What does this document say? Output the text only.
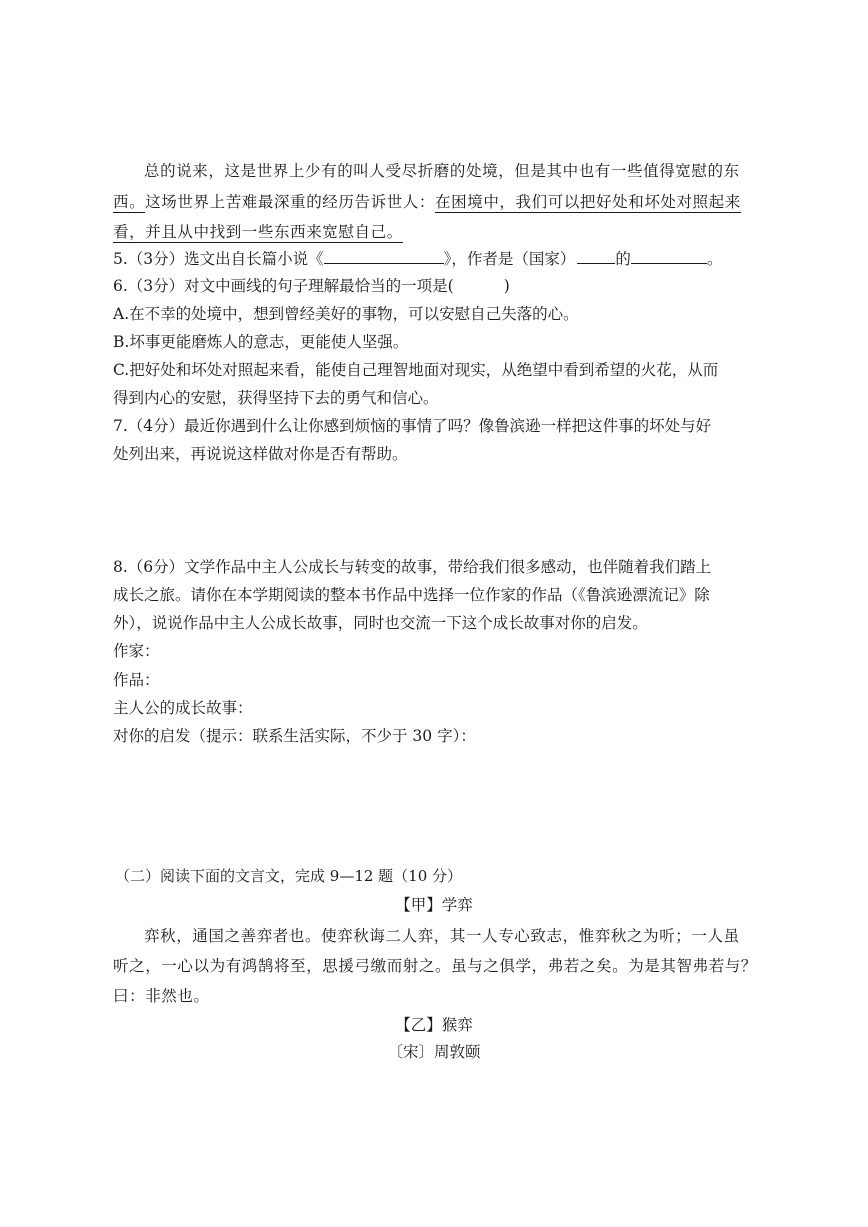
总的说来，这是世界上少有的叫人受尽折磨的处境，但是其中也有一些值得宽慰的东
西。这场世界上苦难最深重的经历告诉世人：在困境中，我们可以把好处和坏处对照起来
看，并且从中找到一些东西来宽慰自己。
5.（3分）选文出自长篇小说《	》，作者是（国家）	的	。
6.（3分）对文中画线的句子理解最恰当的一项是(	)
A.在不幸的处境中，想到曾经美好的事物，可以安慰自己失落的心。
B.坏事更能磨炼人的意志，更能使人坚强。
C.把好处和坏处对照起来看，能使自己理智地面对现实，从绝望中看到希望的火花，从而
得到内心的安慰，获得坚持下去的勇气和信心。
7.（4分）最近你遇到什么让你感到烦恼的事情了吗？像鲁滨逊一样把这件事的坏处与好
处列出来，再说说这样做对你是否有帮助。
8.（6分）文学作品中主人公成长与转变的故事，带给我们很多感动，也伴随着我们踏上
成长之旅。请你在本学期阅读的整本书作品中选择一位作家的作品（《鲁滨逊漂流记》除
外），说说作品中主人公成长故事，同时也交流一下这个成长故事对你的启发。
作家：
作品：
主人公的成长故事：
对你的启发（提示：联系生活实际，不少于 30 字）：
（二）阅读下面的文言文，完成 9—12 题（10 分）
【甲】学弈
弈秋，通国之善弈者也。使弈秋诲二人弈，其一人专心致志，惟弈秋之为听；一人虽
听之，一心以为有鸿鹄将至，思援弓缴而射之。虽与之俱学，弗若之矣。为是其智弗若与？
曰：非然也。
【乙】猴弈
〔宋〕周敦颐
